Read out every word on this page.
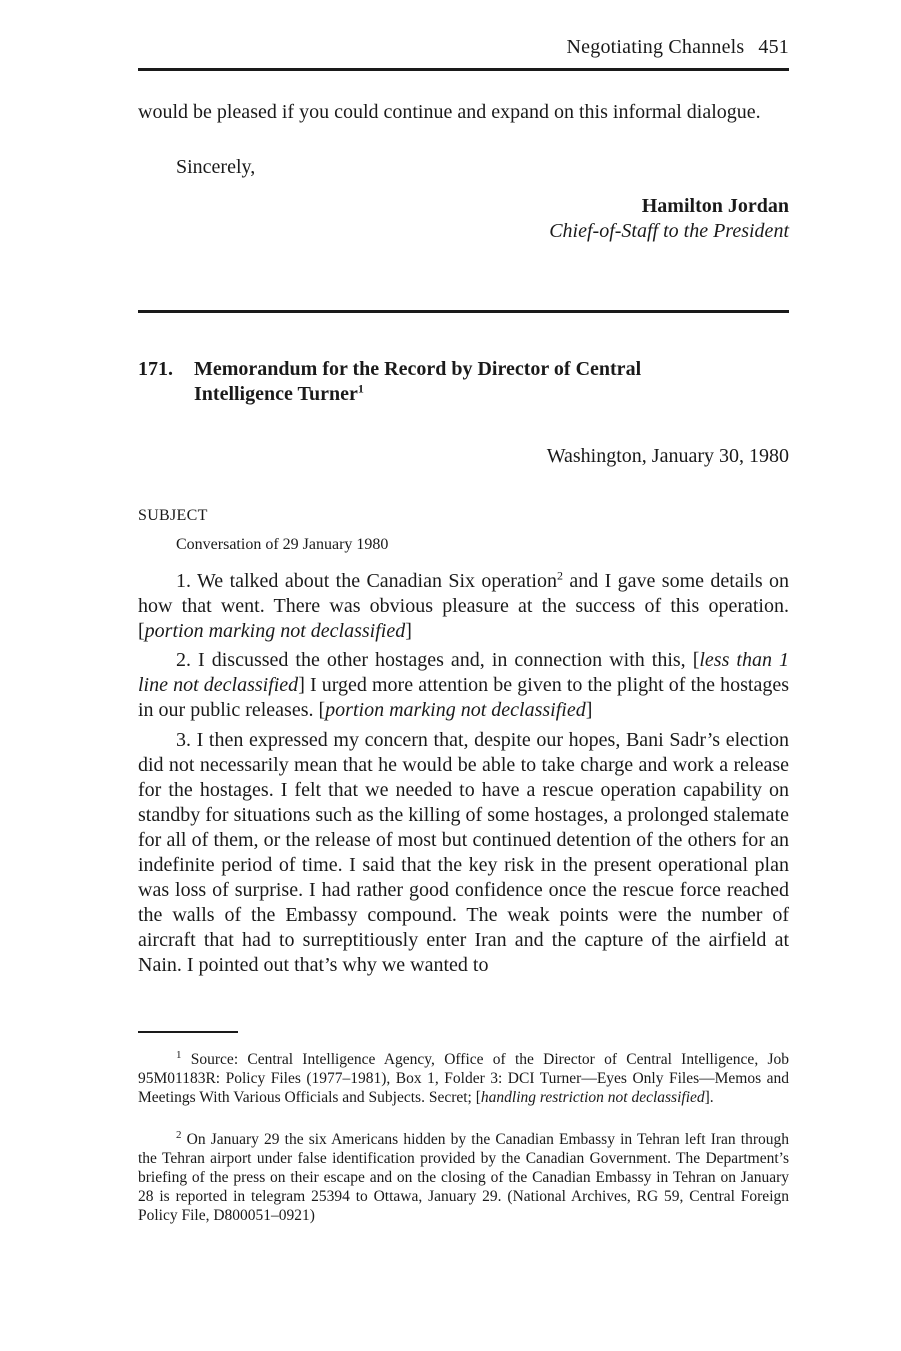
Negotiating Channels 451

would be pleased if you could continue and expand on this informal dialogue.

Sincerely,

Hamilton Jordan
Chief-of-Staff to the President
171. Memorandum for the Record by Director of Central Intelligence Turner$^1$
Washington, January 30, 1980
SUBJECT
Conversation of 29 January 1980

1. We talked about the Canadian Six operation$^2$ and I gave some details on how that went. There was obvious pleasure at the success of this operation. [portion marking not declassified]

2. I discussed the other hostages and, in connection with this, [less than 1 line not declassified] I urged more attention be given to the plight of the hostages in our public releases. [portion marking not declassified]

3. I then expressed my concern that, despite our hopes, Bani Sadr’s election did not necessarily mean that he would be able to take charge and work a release for the hostages. I felt that we needed to have a rescue operation capability on standby for situations such as the killing of some hostages, a prolonged stalemate for all of them, or the release of most but continued detention of the others for an indefinite period of time. I said that the key risk in the present operational plan was loss of surprise. I had rather good confidence once the rescue force reached the walls of the Embassy compound. The weak points were the number of aircraft that had to surreptitiously enter Iran and the capture of the airfield at Nain. I pointed out that’s why we wanted to

$^1$ Source: Central Intelligence Agency, Office of the Director of Central Intelligence, Job 95M01183R: Policy Files (1977–1981), Box 1, Folder 3: DCI Turner—Eyes Only Files—Memos and Meetings With Various Officials and Subjects. Secret; [handling restriction not declassified].

$^2$ On January 29 the six Americans hidden by the Canadian Embassy in Tehran left Iran through the Tehran airport under false identification provided by the Canadian Government. The Department’s briefing of the press on their escape and on the closing of the Canadian Embassy in Tehran on January 28 is reported in telegram 25394 to Ottawa, January 29. (National Archives, RG 59, Central Foreign Policy File, D800051–0921)
